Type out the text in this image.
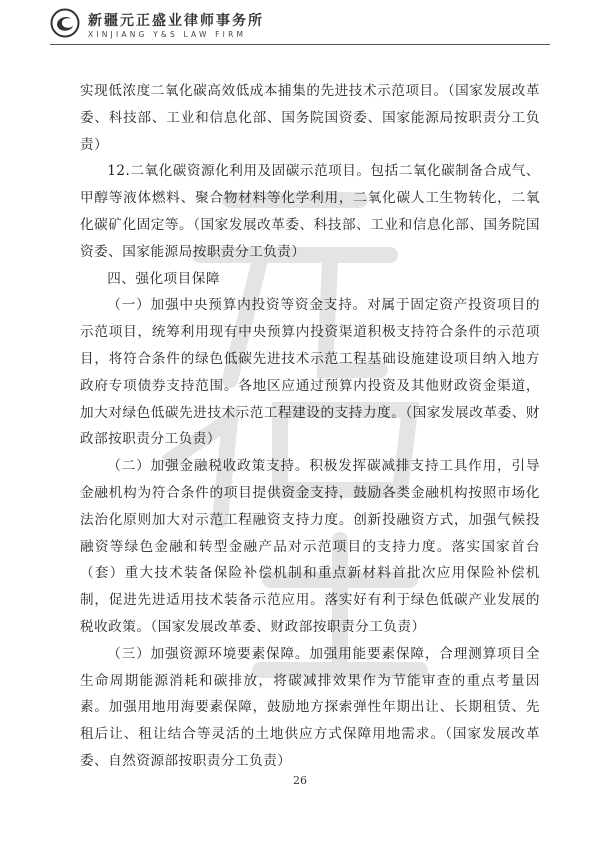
新疆元正盛业律师事务所
XINJIANG Y&S LAW FIRM

实现低浓度二氧化碳高效低成本捕集的先进技术示范项目。（国家发展改革委、科技部、工业和信息化部、国务院国资委、国家能源局按职责分工负责）

12.二氧化碳资源化利用及固碳示范项目。包括二氧化碳制备合成气、甲醇等液体燃料、聚合物材料等化学利用，二氧化碳人工生物转化，二氧化碳矿化固定等。（国家发展改革委、科技部、工业和信息化部、国务院国资委、国家能源局按职责分工负责）

四、强化项目保障

（一）加强中央预算内投资等资金支持。对属于固定资产投资项目的示范项目，统筹利用现有中央预算内投资渠道积极支持符合条件的示范项目，将符合条件的绿色低碳先进技术示范工程基础设施建设项目纳入地方政府专项债券支持范围。各地区应通过预算内投资及其他财政资金渠道，加大对绿色低碳先进技术示范工程建设的支持力度。（国家发展改革委、财政部按职责分工负责）

（二）加强金融税收政策支持。积极发挥碳减排支持工具作用，引导金融机构为符合条件的项目提供资金支持，鼓励各类金融机构按照市场化法治化原则加大对示范工程融资支持力度。创新投融资方式，加强气候投融资等绿色金融和转型金融产品对示范项目的支持力度。落实国家首台（套）重大技术装备保险补偿机制和重点新材料首批次应用保险补偿机制，促进先进适用技术装备示范应用。落实好有利于绿色低碳产业发展的税收政策。（国家发展改革委、财政部按职责分工负责）

（三）加强资源环境要素保障。加强用能要素保障，合理测算项目全生命周期能源消耗和碳排放，将碳减排效果作为节能审查的重点考量因素。加强用地用海要素保障，鼓励地方探索弹性年期出让、长期租赁、先租后让、租让结合等灵活的土地供应方式保障用地需求。（国家发展改革委、自然资源部按职责分工负责）

26
